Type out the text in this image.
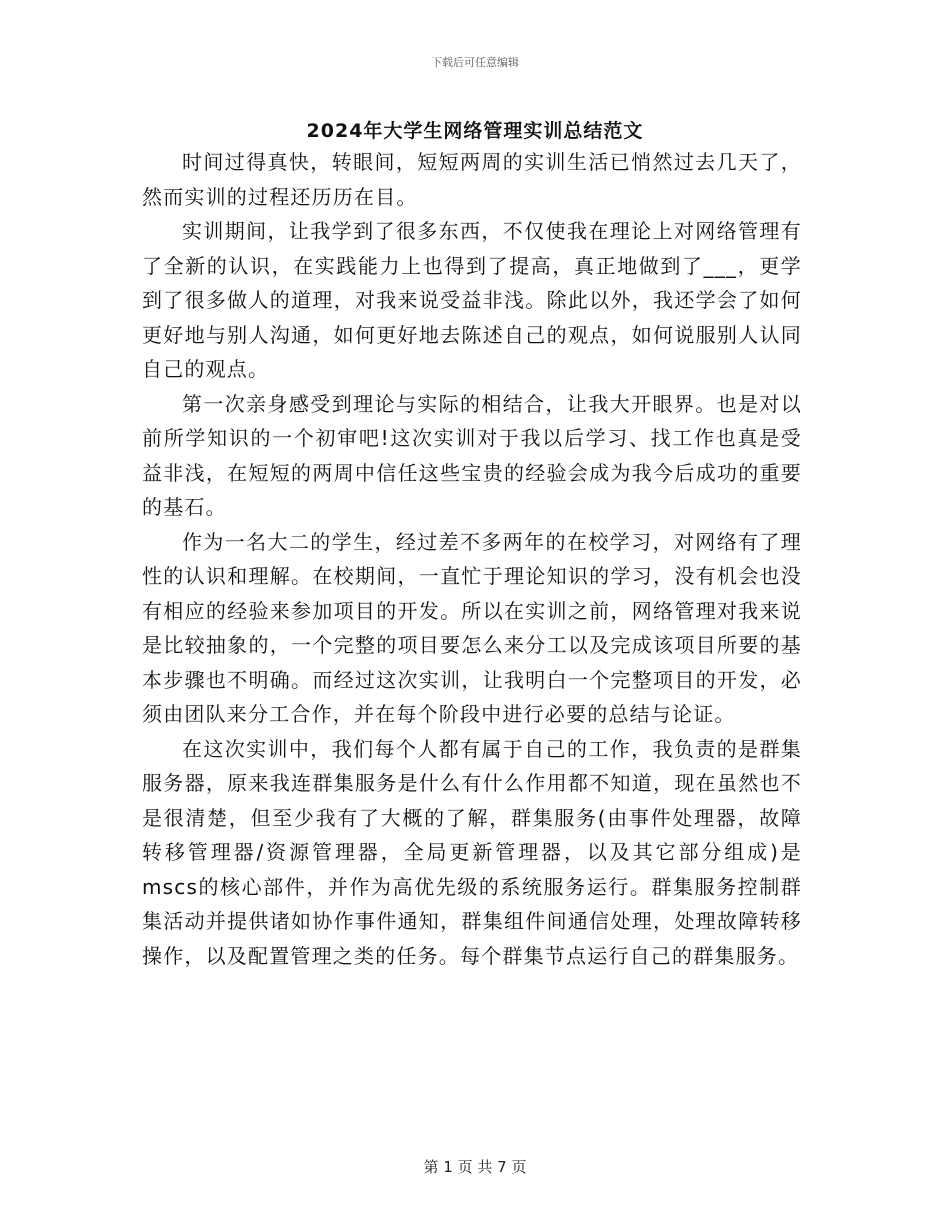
下载后可任意编辑
2024年大学生网络管理实训总结范文

时间过得真快，转眼间，短短两周的实训生活已悄然过去几天了，然而实训的过程还历历在目。

实训期间，让我学到了很多东西，不仅使我在理论上对网络管理有了全新的认识，在实践能力上也得到了提高，真正地做到了___，更学到了很多做人的道理，对我来说受益非浅。除此以外，我还学会了如何更好地与别人沟通，如何更好地去陈述自己的观点，如何说服别人认同自己的观点。

第一次亲身感受到理论与实际的相结合，让我大开眼界。也是对以前所学知识的一个初审吧!这次实训对于我以后学习、找工作也真是受益非浅，在短短的两周中信任这些宝贵的经验会成为我今后成功的重要的基石。

作为一名大二的学生，经过差不多两年的在校学习，对网络有了理性的认识和理解。在校期间，一直忙于理论知识的学习，没有机会也没有相应的经验来参加项目的开发。所以在实训之前，网络管理对我来说是比较抽象的，一个完整的项目要怎么来分工以及完成该项目所要的基本步骤也不明确。而经过这次实训，让我明白一个完整项目的开发，必须由团队来分工合作，并在每个阶段中进行必要的总结与论证。

在这次实训中，我们每个人都有属于自己的工作，我负责的是群集服务器，原来我连群集服务是什么有什么作用都不知道，现在虽然也不是很清楚，但至少我有了大概的了解，群集服务(由事件处理器，故障转移管理器/资源管理器，全局更新管理器，以及其它部分组成)是mscs的核心部件，并作为高优先级的系统服务运行。群集服务控制群集活动并提供诸如协作事件通知，群集组件间通信处理，处理故障转移操作，以及配置管理之类的任务。每个群集节点运行自己的群集服务。

第 1 页 共 7 页
